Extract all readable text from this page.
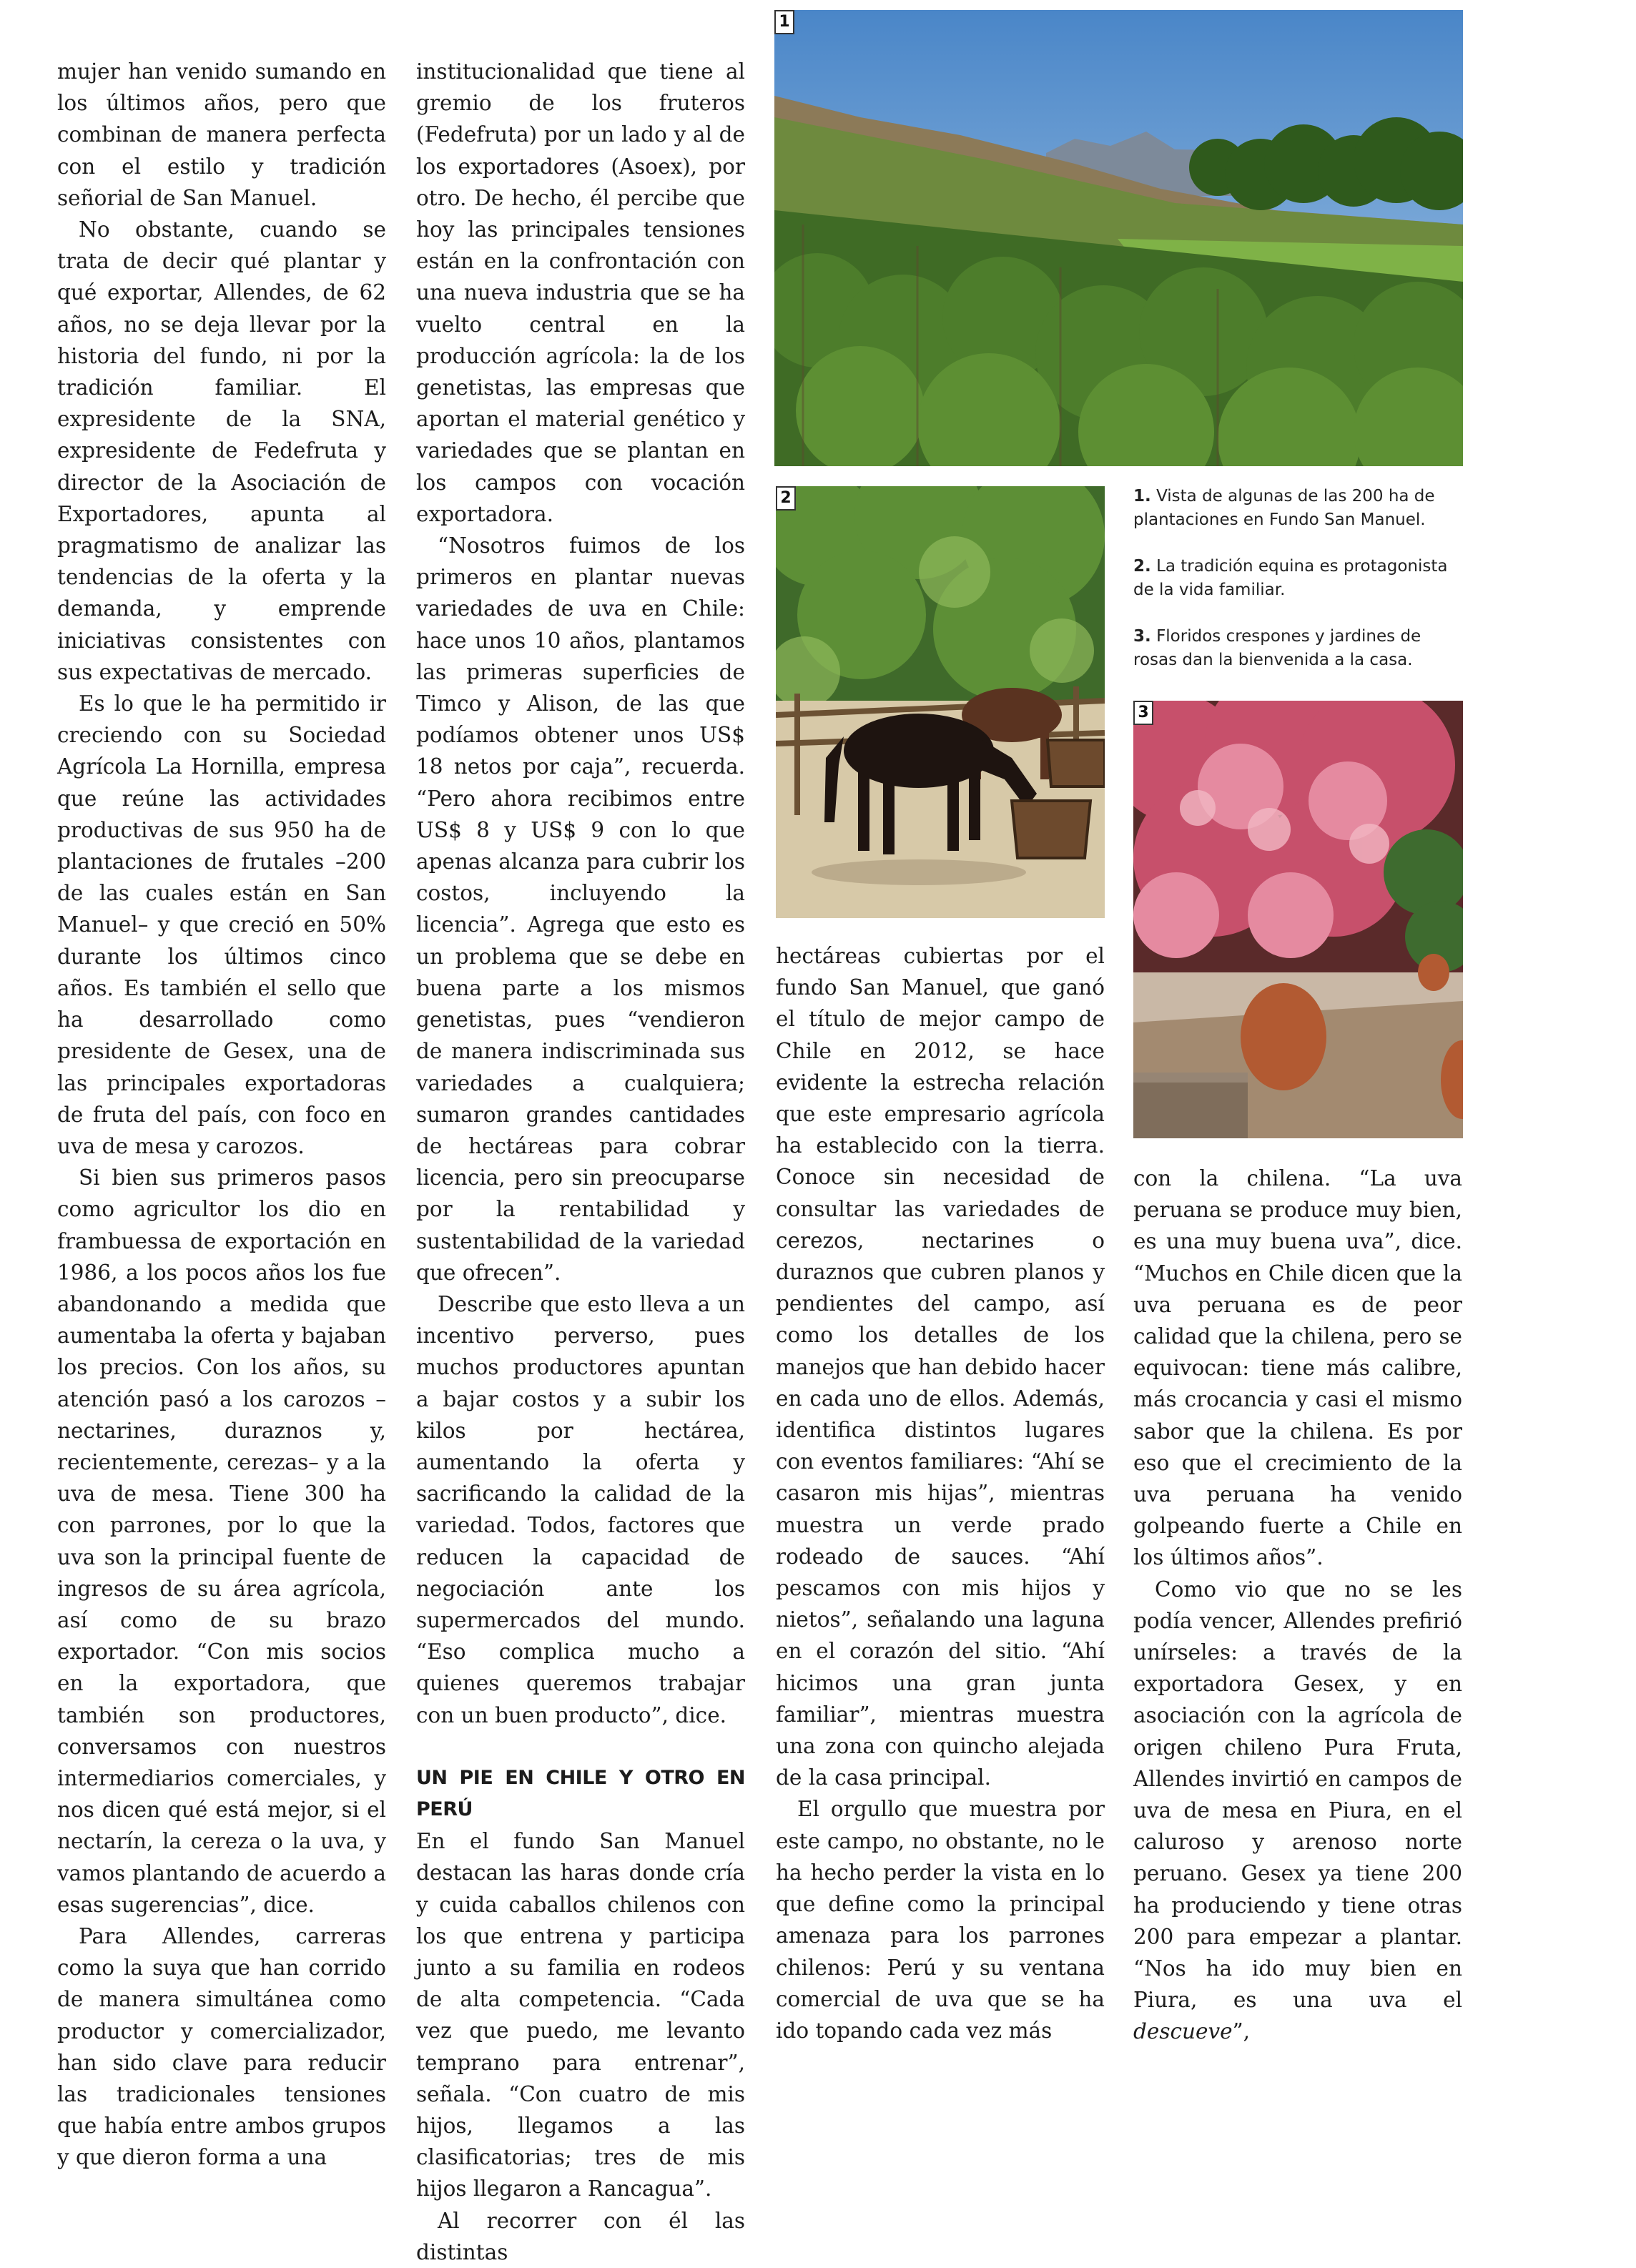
mujer han venido sumando en los últimos años, pero que combinan de manera perfecta con el estilo y tradición señorial de San Manuel.

No obstante, cuando se trata de decir qué plantar y qué exportar, Allendes, de 62 años, no se deja llevar por la historia del fundo, ni por la tradición familiar. El expresidente de la SNA, expresidente de Fedefruta y director de la Asociación de Exportadores, apunta al pragmatismo de analizar las tendencias de la oferta y la demanda, y emprende iniciativas consistentes con sus expectativas de mercado.

Es lo que le ha permitido ir creciendo con su Sociedad Agrícola La Hornilla, empresa que reúne las actividades productivas de sus 950 ha de plantaciones de frutales –200 de las cuales están en San Manuel– y que creció en 50% durante los últimos cinco años. Es también el sello que ha desarrollado como presidente de Gesex, una de las principales exportadoras de fruta del país, con foco en uva de mesa y carozos.

Si bien sus primeros pasos como agricultor los dio en frambuessa de exportación en 1986, a los pocos años los fue abandonando a medida que aumentaba la oferta y bajaban los precios. Con los años, su atención pasó a los carozos –nectarines, duraznos y, recientemente, cerezas– y a la uva de mesa. Tiene 300 ha con parrones, por lo que la uva son la principal fuente de ingresos de su área agrícola, así como de su brazo exportador. “Con mis socios en la exportadora, que también son productores, conversamos con nuestros intermediarios comerciales, y nos dicen qué está mejor, si el nectarín, la cereza o la uva, y vamos plantando de acuerdo a esas sugerencias”, dice.

Para Allendes, carreras como la suya que han corrido de manera simultánea como productor y comercializador, han sido clave para reducir las tradicionales tensiones que había entre ambos grupos y que dieron forma a una

institucionalidad que tiene al gremio de los fruteros (Fedefruta) por un lado y al de los exportadores (Asoex), por otro. De hecho, él percibe que hoy las principales tensiones están en la confrontación con una nueva industria que se ha vuelto central en la producción agrícola: la de los genetistas, las empresas que aportan el material genético y variedades que se plantan en los campos con vocación exportadora.

“Nosotros fuimos de los primeros en plantar nuevas variedades de uva en Chile: hace unos 10 años, plantamos las primeras superficies de Timco y Alison, de las que podíamos obtener unos US$ 18 netos por caja”, recuerda. “Pero ahora recibimos entre US$ 8 y US$ 9 con lo que apenas alcanza para cubrir los costos, incluyendo la licencia”. Agrega que esto es un problema que se debe en buena parte a los mismos genetistas, pues “vendieron de manera indiscriminada sus variedades a cualquiera; sumaron grandes cantidades de hectáreas para cobrar licencia, pero sin preocuparse por la rentabilidad y sustentabilidad de la variedad que ofrecen”.

Describe que esto lleva a un incentivo perverso, pues muchos productores apuntan a bajar costos y a subir los kilos por hectárea, aumentando la oferta y sacrificando la calidad de la variedad. Todos, factores que reducen la capacidad de negociación ante los supermercados del mundo. “Eso complica mucho a quienes queremos trabajar con un buen producto”, dice.

UN PIE EN CHILE Y OTRO EN PERÚ

En el fundo San Manuel destacan las haras donde cría y cuida caballos chilenos con los que entrena y participa junto a su familia en rodeos de alta competencia. “Cada vez que puedo, me levanto temprano para entrenar”, señala. “Con cuatro de mis hijos, llegamos a las clasificatorias; tres de mis hijos llegaron a Rancagua”.

Al recorrer con él las distintas

hectáreas cubiertas por el fundo San Manuel, que ganó el título de mejor campo de Chile en 2012, se hace evidente la estrecha relación que este empresario agrícola ha establecido con la tierra. Conoce sin necesidad de consultar las variedades de cerezos, nectarines o duraznos que cubren planos y pendientes del campo, así como los detalles de los manejos que han debido hacer en cada uno de ellos. Además, identifica distintos lugares con eventos familiares: “Ahí se casaron mis hijas”, mientras muestra un verde prado rodeado de sauces. “Ahí pescamos con mis hijos y nietos”, señalando una laguna en el corazón del sitio. “Ahí hicimos una gran junta familiar”, mientras muestra una zona con quincho alejada de la casa principal.

El orgullo que muestra por este campo, no obstante, no le ha hecho perder la vista en lo que define como la principal amenaza para los parrones chilenos: Perú y su ventana comercial de uva que se ha ido topando cada vez más

con la chilena. “La uva peruana se produce muy bien, es una muy buena uva”, dice. “Muchos en Chile dicen que la uva peruana es de peor calidad que la chilena, pero se equivocan: tiene más calibre, más crocancia y casi el mismo sabor que la chilena. Es por eso que el crecimiento de la uva peruana ha venido golpeando fuerte a Chile en los últimos años”.

Como vio que no se les podía vencer, Allendes prefirió unírseles: a través de la exportadora Gesex, y en asociación con la agrícola de origen chileno Pura Fruta, Allendes invirtió en campos de uva de mesa en Piura, en el caluroso y arenoso norte peruano. Gesex ya tiene 200 ha produciendo y tiene otras 200 para empezar a plantar. “Nos ha ido muy bien en Piura, es una uva el descueve”,

1
2	1. Vista de algunas de las 200 ha de plantaciones en Fundo San Manuel.
2. La tradición equina es protagonista de la vida familiar.
3. Floridos crespones y jardines de rosas dan la bienvenida a la casa.
3
